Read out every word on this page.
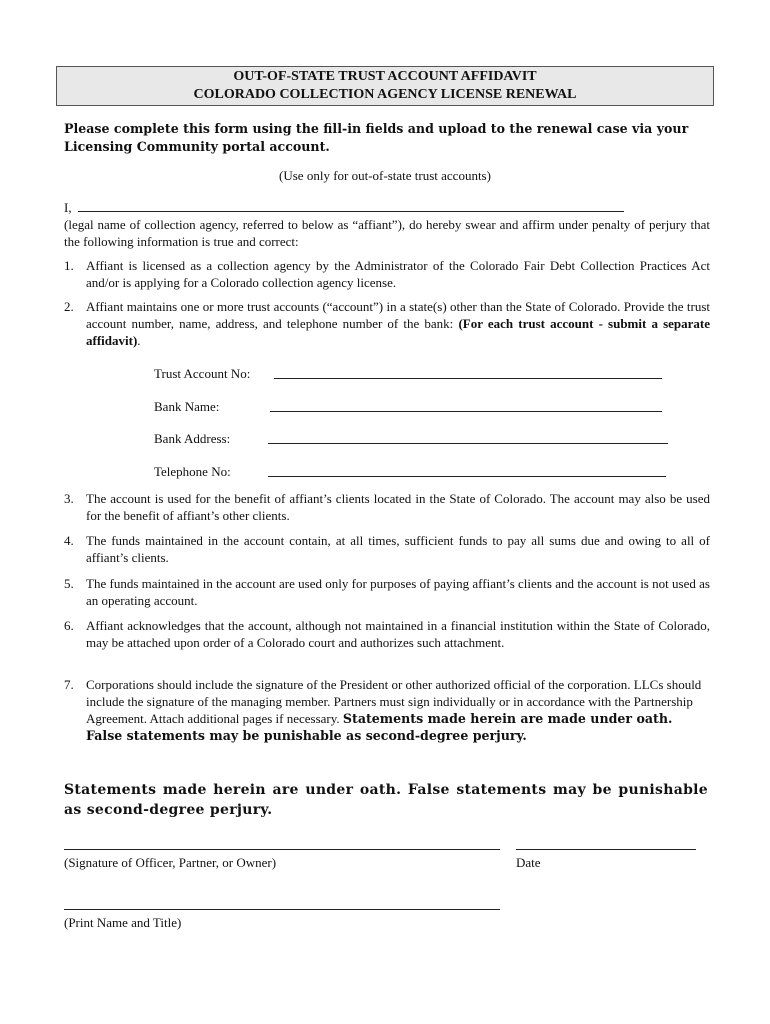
OUT-OF-STATE TRUST ACCOUNT AFFIDAVIT
COLORADO COLLECTION AGENCY LICENSE RENEWAL
Please complete this form using the fill-in fields and upload to the renewal case via your Licensing Community portal account.
(Use only for out-of-state trust accounts)
I,
(legal name of collection agency, referred to below as “affiant”), do hereby swear and affirm under penalty of perjury that the following information is true and correct:
1. Affiant is licensed as a collection agency by the Administrator of the Colorado Fair Debt Collection Practices Act and/or is applying for a Colorado collection agency license.
2. Affiant maintains one or more trust accounts (“account”) in a state(s) other than the State of Colorado. Provide the trust account number, name, address, and telephone number of the bank: (For each trust account - submit a separate affidavit).
Trust Account No:
Bank Name:
Bank Address:
Telephone No:
3. The account is used for the benefit of affiant’s clients located in the State of Colorado. The account may also be used for the benefit of affiant’s other clients.
4. The funds maintained in the account contain, at all times, sufficient funds to pay all sums due and owing to all of affiant’s clients.
5. The funds maintained in the account are used only for purposes of paying affiant’s clients and the account is not used as an operating account.
6. Affiant acknowledges that the account, although not maintained in a financial institution within the State of Colorado, may be attached upon order of a Colorado court and authorizes such attachment.
7. Corporations should include the signature of the President or other authorized official of the corporation. LLCs should include the signature of the managing member. Partners must sign individually or in accordance with the Partnership Agreement. Attach additional pages if necessary. Statements made herein are made under oath. False statements may be punishable as second-degree perjury.
Statements made herein are under oath. False statements may be punishable as second-degree perjury.
(Signature of Officer, Partner, or Owner)	Date
(Print Name and Title)
